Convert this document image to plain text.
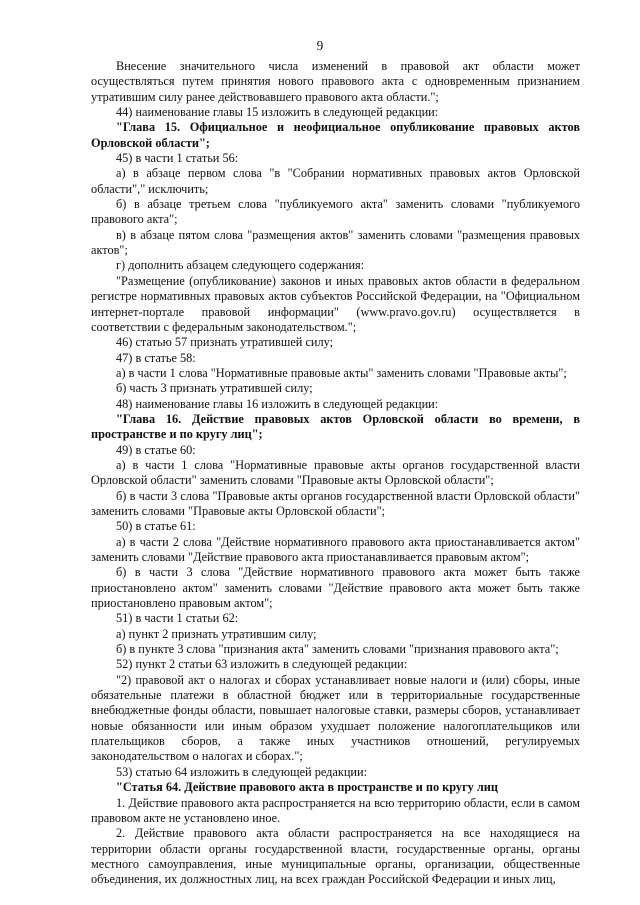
9

Внесение значительного числа изменений в правовой акт области может осуществляться путем принятия нового правового акта с одновременным признанием утратившим силу ранее действовавшего правового акта области.";

44) наименование главы 15 изложить в следующей редакции:

"Глава 15. Официальное и неофициальное опубликование правовых актов Орловской области";

45) в части 1 статьи 56:

а) в абзаце первом слова "в "Собрании нормативных правовых актов Орловской области"," исключить;

б) в абзаце третьем слова "публикуемого акта" заменить словами "публикуемого правового акта";

в) в абзаце пятом слова "размещения актов" заменить словами "размещения правовых актов";

г) дополнить абзацем следующего содержания:

"Размещение (опубликование) законов и иных правовых актов области в федеральном регистре нормативных правовых актов субъектов Российской Федерации, на "Официальном интернет-портале правовой информации" (www.pravo.gov.ru) осуществляется в соответствии с федеральным законодательством.";

46) статью 57 признать утратившей силу;

47) в статье 58:

а) в части 1 слова "Нормативные правовые акты" заменить словами "Правовые акты";

б) часть 3 признать утратившей силу;

48) наименование главы 16 изложить в следующей редакции:

"Глава 16. Действие правовых актов Орловской области во времени, в пространстве и по кругу лиц";

49) в статье 60:

а) в части 1 слова "Нормативные правовые акты органов государственной власти Орловской области" заменить словами "Правовые акты Орловской области";

б) в части 3 слова "Правовые акты органов государственной власти Орловской области" заменить словами "Правовые акты Орловской области";

50) в статье 61:

а) в части 2 слова "Действие нормативного правового акта приостанавливается актом" заменить словами "Действие правового акта приостанавливается правовым актом";

б) в части 3 слова "Действие нормативного правового акта может быть также приостановлено актом" заменить словами "Действие правового акта может быть также приостановлено правовым актом";

51) в части 1 статьи 62:

а) пункт 2 признать утратившим силу;

б) в пункте 3 слова "признания акта" заменить словами "признания правового акта";

52) пункт 2 статьи 63 изложить в следующей редакции:

"2) правовой акт о налогах и сборах устанавливает новые налоги и (или) сборы, иные обязательные платежи в областной бюджет или в территориальные государственные внебюджетные фонды области, повышает налоговые ставки, размеры сборов, устанавливает новые обязанности или иным образом ухудшает положение налогоплательщиков или плательщиков сборов, а также иных участников отношений, регулируемых законодательством о налогах и сборах.";

53) статью 64 изложить в следующей редакции:

"Статья 64. Действие правового акта в пространстве и по кругу лиц

1. Действие правового акта распространяется на всю территорию области, если в самом правовом акте не установлено иное.

2. Действие правового акта области распространяется на все находящиеся на территории области органы государственной власти, государственные органы, органы местного самоуправления, иные муниципальные органы, организации, общественные объединения, их должностных лиц, на всех граждан Российской Федерации и иных лиц,
